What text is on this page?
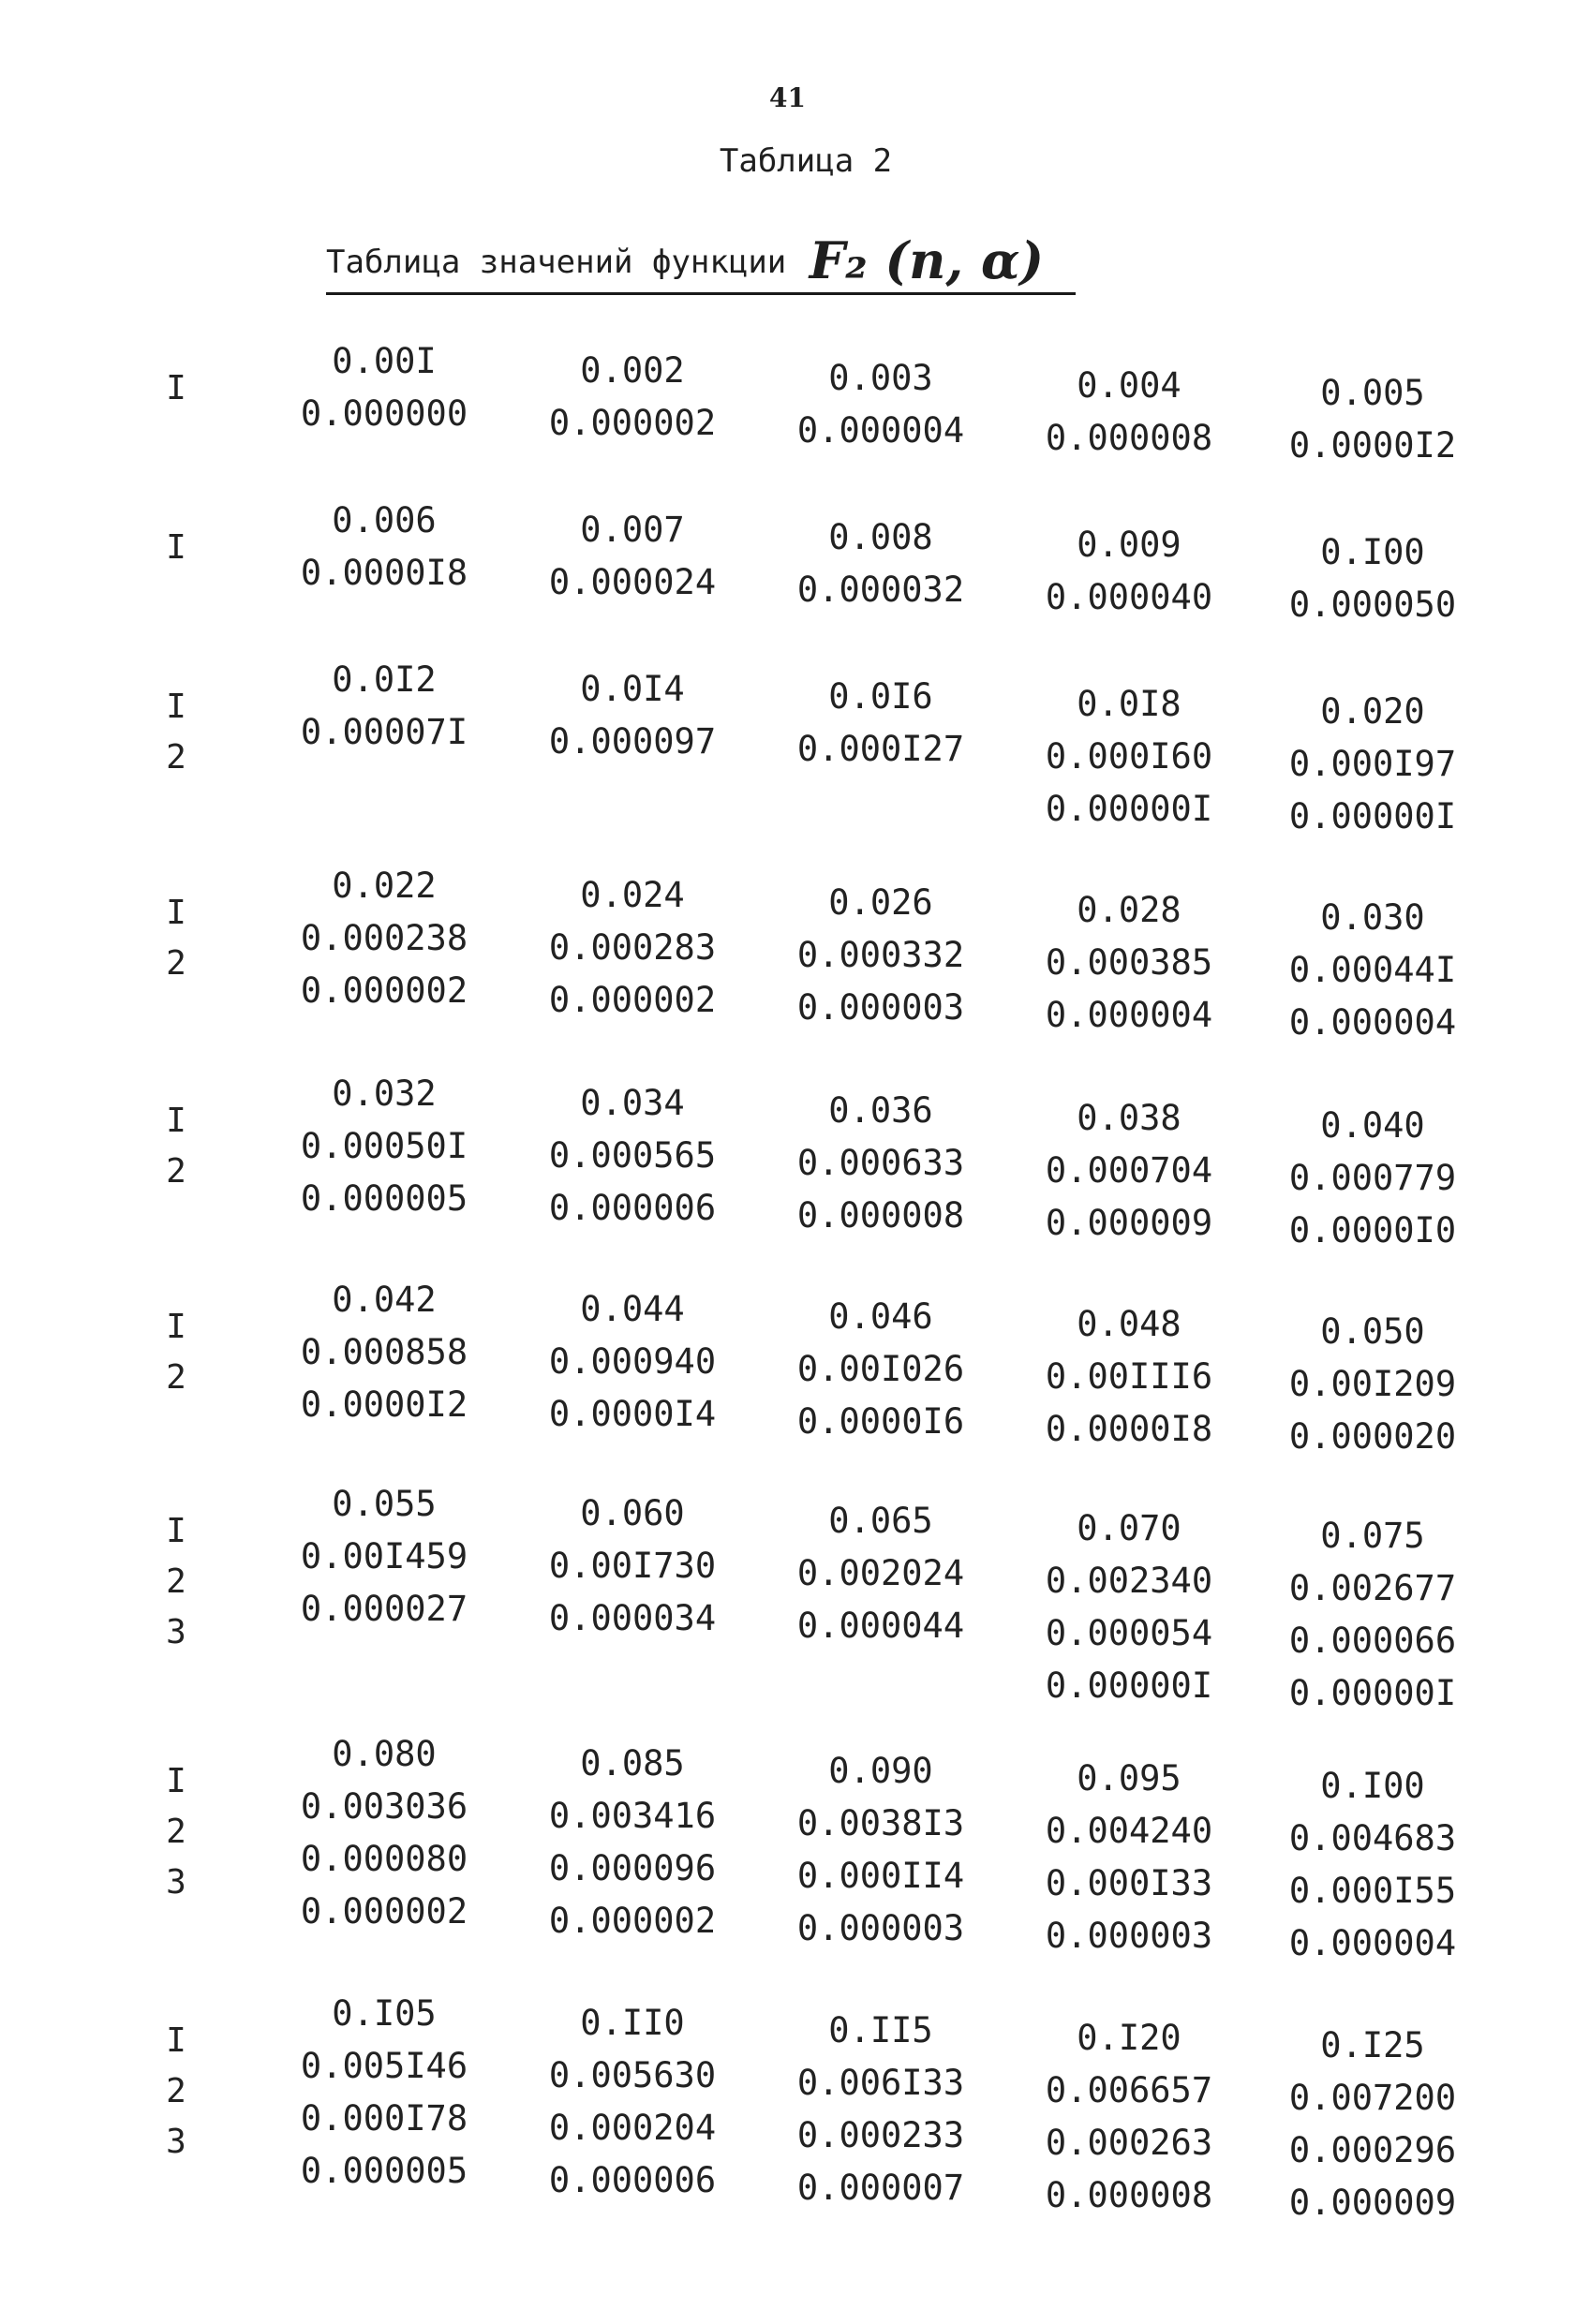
41
Таблица 2
Таблица значений функции F₂ (n, α)
I
0.00I
0.000000
0.002
0.000002
0.003
0.000004
0.004
0.000008
0.005
0.0000I2
I
0.006
0.0000I8
0.007
0.000024
0.008
0.000032
0.009
0.000040
0.I00
0.000050
I
2
0.0I2
0.00007I
0.0I4
0.000097
0.0I6
0.000I27
0.0I8
0.000I60
0.00000I
0.020
0.000I97
0.00000I
I
2
0.022
0.000238
0.000002
0.024
0.000283
0.000002
0.026
0.000332
0.000003
0.028
0.000385
0.000004
0.030
0.00044I
0.000004
I
2
0.032
0.00050I
0.000005
0.034
0.000565
0.000006
0.036
0.000633
0.000008
0.038
0.000704
0.000009
0.040
0.000779
0.0000I0
I
2
0.042
0.000858
0.0000I2
0.044
0.000940
0.0000I4
0.046
0.00I026
0.0000I6
0.048
0.00III6
0.0000I8
0.050
0.00I209
0.000020
I
2
3
0.055
0.00I459
0.000027
0.060
0.00I730
0.000034
0.065
0.002024
0.000044
0.070
0.002340
0.000054
0.00000I
0.075
0.002677
0.000066
0.00000I
I
2
3
0.080
0.003036
0.000080
0.000002
0.085
0.003416
0.000096
0.000002
0.090
0.0038I3
0.000II4
0.000003
0.095
0.004240
0.000I33
0.000003
0.I00
0.004683
0.000I55
0.000004
I
2
3
0.I05
0.005I46
0.000I78
0.000005
0.II0
0.005630
0.000204
0.000006
0.II5
0.006I33
0.000233
0.000007
0.I20
0.006657
0.000263
0.000008
0.I25
0.007200
0.000296
0.000009
